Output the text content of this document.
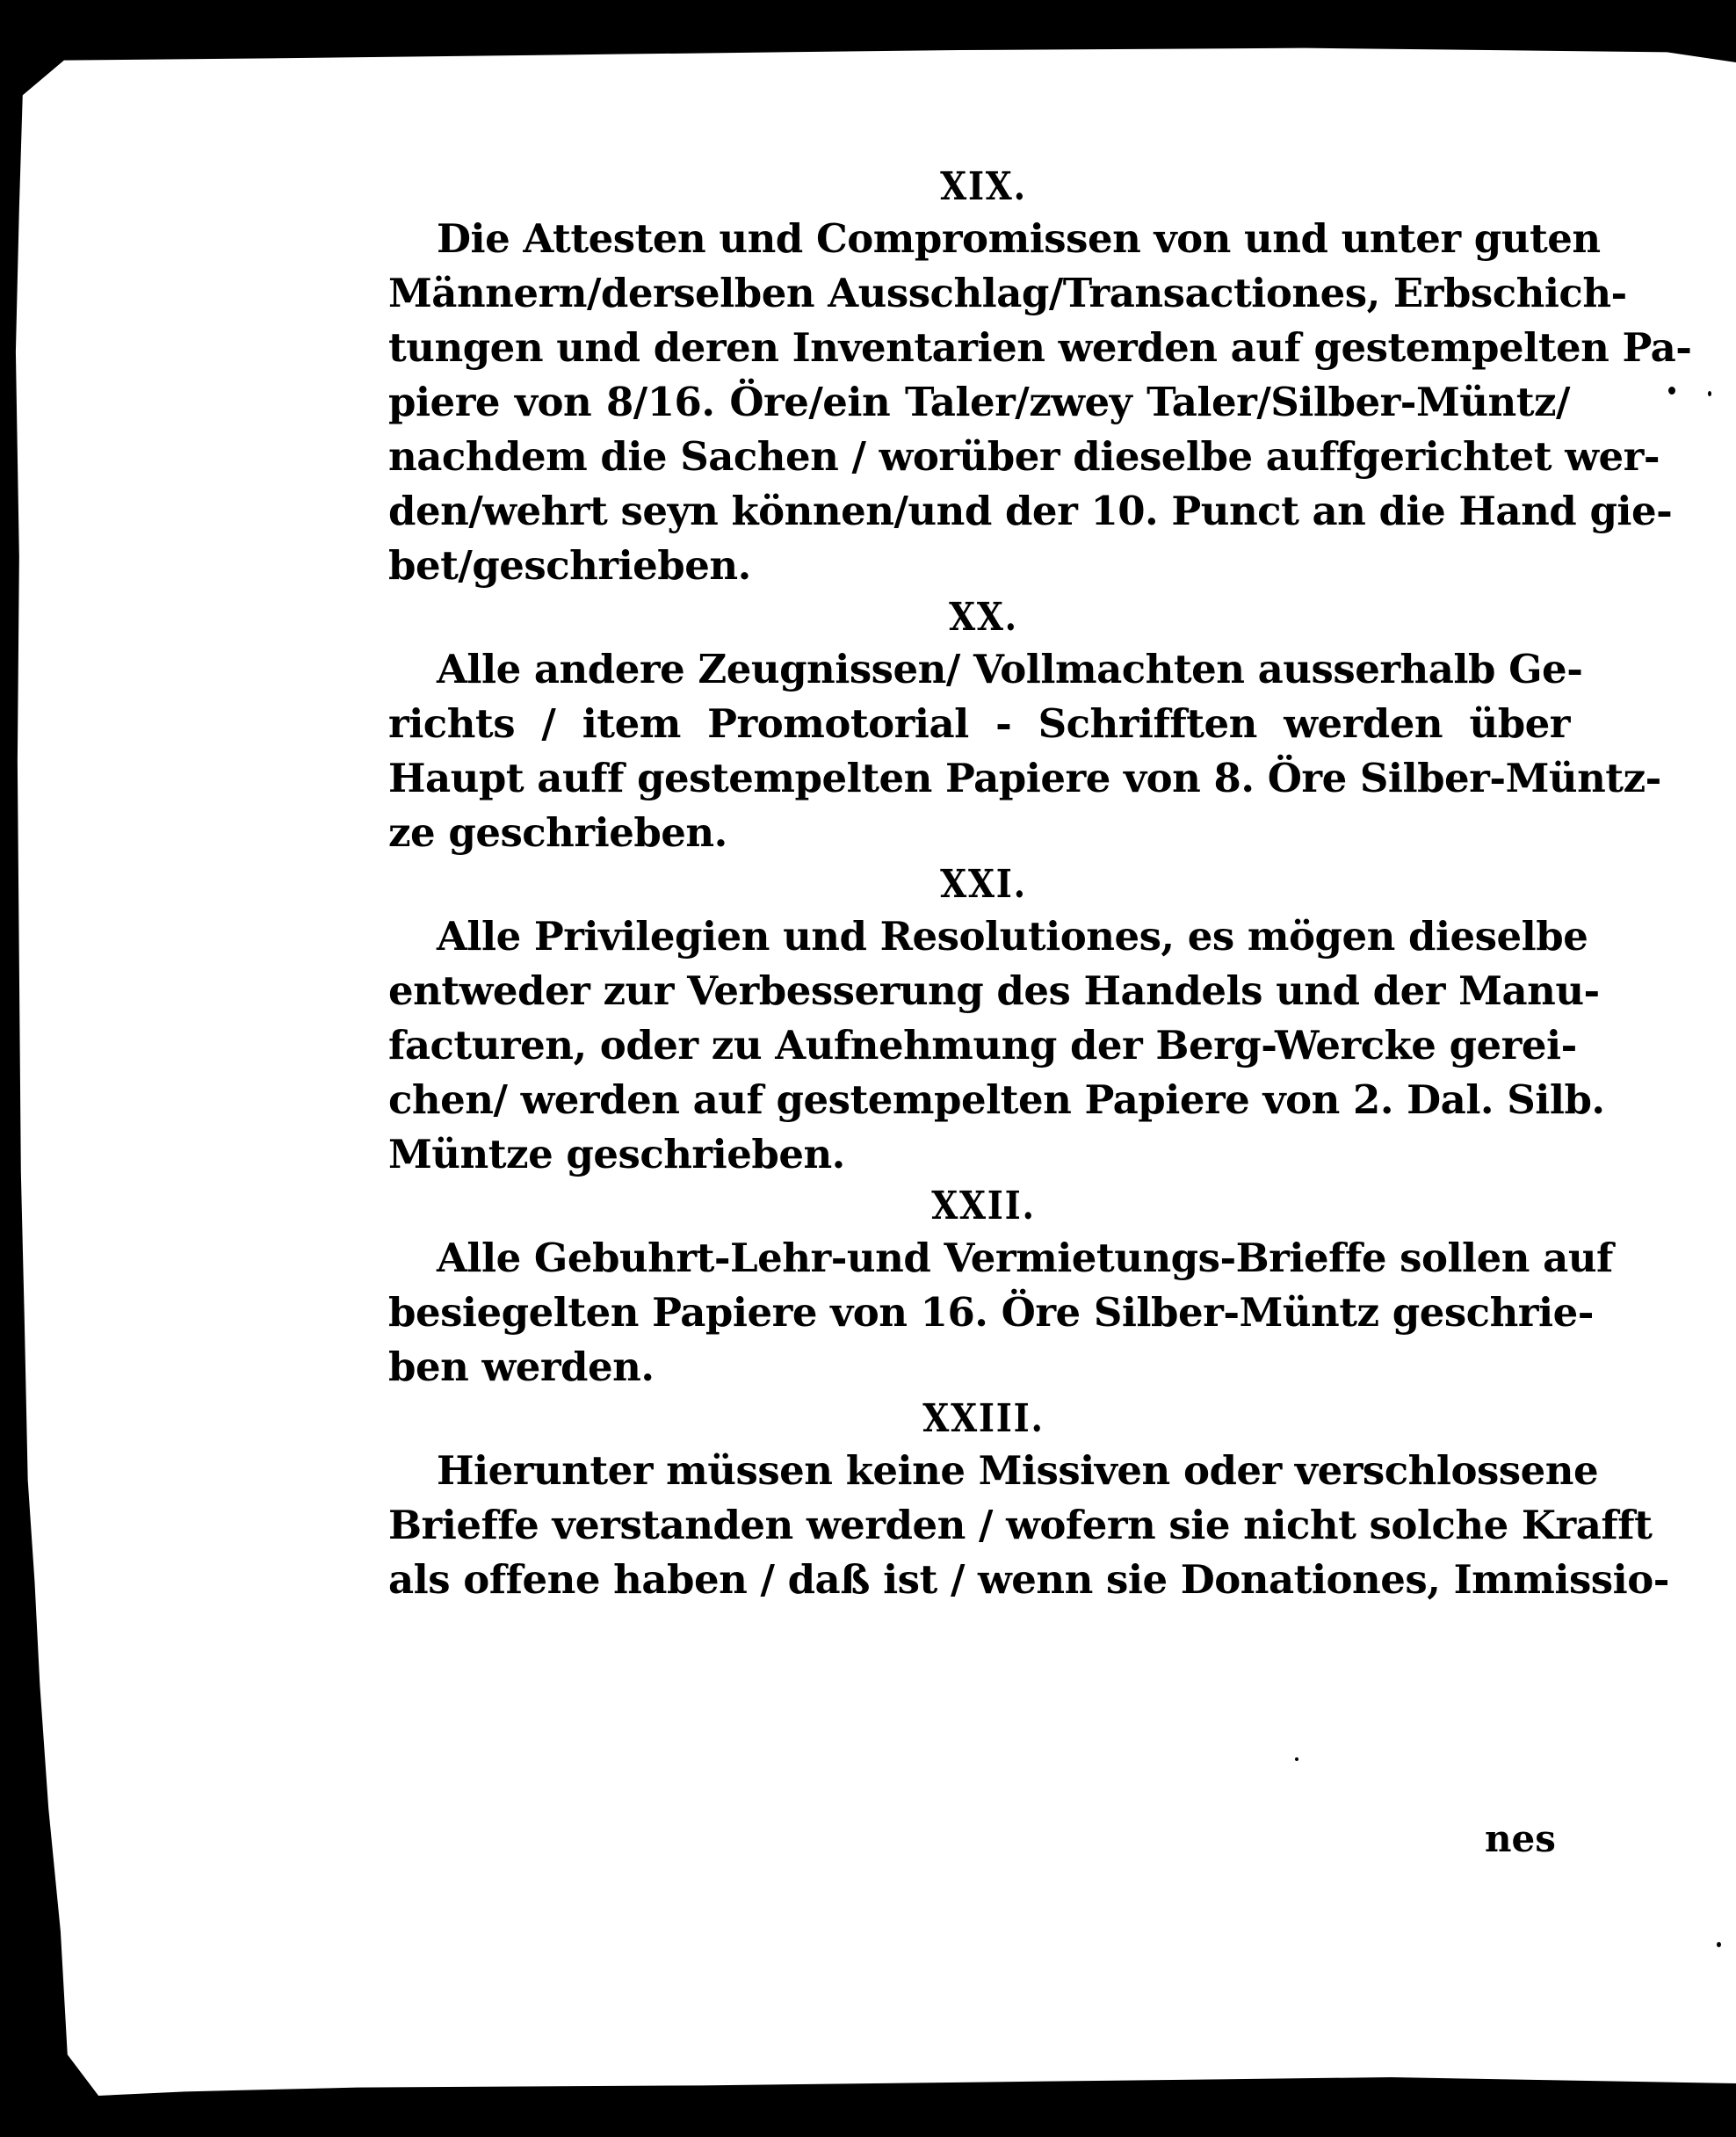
XIX.
Die Attesten und Compromissen von und unter guten
Männern/derselben Ausschlag/Transactiones, Erbschich-
tungen und deren Inventarien werden auf gestempelten Pa-
piere von 8/16. Öre/ein Taler/zwey Taler/Silber-Müntz/
nachdem die Sachen / worüber dieselbe auffgerichtet wer-
den/wehrt seyn können/und der 10. Punct an die Hand gie-
bet/geschrieben.
XX.
Alle andere Zeugnissen/ Vollmachten ausserhalb Ge-
richts / item Promotorial - Schrifften werden über
Haupt auff gestempelten Papiere von 8. Öre Silber-Müntz-
ze geschrieben.
XXI.
Alle Privilegien und Resolutiones, es mögen dieselbe
entweder zur Verbesserung des Handels und der Manu-
facturen, oder zu Aufnehmung der Berg-Wercke gerei-
chen/ werden auf gestempelten Papiere von 2. Dal. Silb.
Müntze geschrieben.
XXII.
Alle Gebuhrt-Lehr-und Vermietungs-Brieffe sollen auf
besiegelten Papiere von 16. Öre Silber-Müntz geschrie-
ben werden.
XXIII.
Hierunter müssen keine Missiven oder verschlossene
Brieffe verstanden werden / wofern sie nicht solche Krafft
als offene haben / daß ist / wenn sie Donationes, Immissio-
nes
